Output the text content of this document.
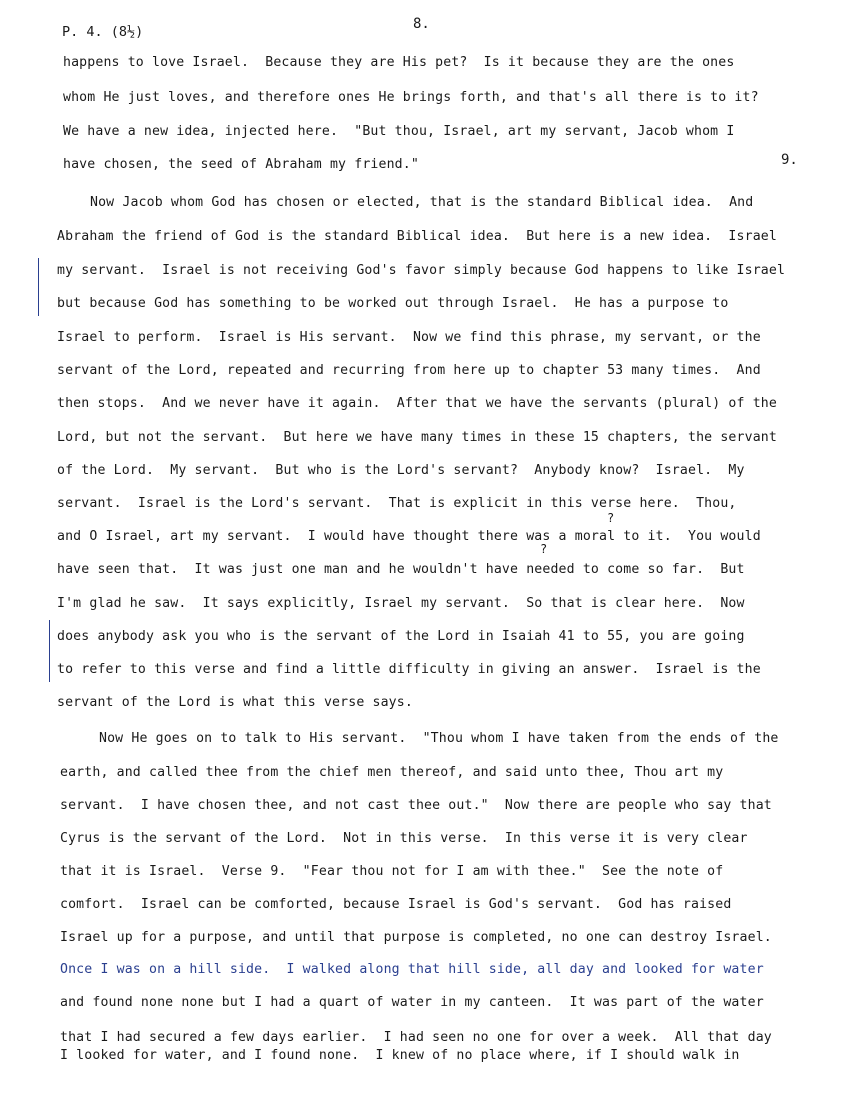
P. 4. (8½)	8.
9.
?
?
happens to love Israel.  Because they are His pet?  Is it because they are the ones
whom He just loves, and therefore ones He brings forth, and that's all there is to it?
We have a new idea, injected here.  "But thou, Israel, art my servant, Jacob whom I
have chosen, the seed of Abraham my friend."
Now Jacob whom God has chosen or elected, that is the standard Biblical idea.  And
Abraham the friend of God is the standard Biblical idea.  But here is a new idea.  Israel
my servant.  Israel is not receiving God's favor simply because God happens to like Israel
but because God has something to be worked out through Israel.  He has a purpose to
Israel to perform.  Israel is His servant.  Now we find this phrase, my servant, or the
servant of the Lord, repeated and recurring from here up to chapter 53 many times.  And
then stops.  And we never have it again.  After that we have the servants (plural) of the
Lord, but not the servant.  But here we have many times in these 15 chapters, the servant
of the Lord.  My servant.  But who is the Lord's servant?  Anybody know?  Israel.  My
servant.  Israel is the Lord's servant.  That is explicit in this verse here.  Thou,
and O Israel, art my servant.  I would have thought there was a moral to it.  You would
have seen that.  It was just one man and he wouldn't have needed to come so far.  But
I'm glad he saw.  It says explicitly, Israel my servant.  So that is clear here.  Now
does anybody ask you who is the servant of the Lord in Isaiah 41 to 55, you are going
to refer to this verse and find a little difficulty in giving an answer.  Israel is the
servant of the Lord is what this verse says.
Now He goes on to talk to His servant.  "Thou whom I have taken from the ends of the
earth, and called thee from the chief men thereof, and said unto thee, Thou art my
servant.  I have chosen thee, and not cast thee out."  Now there are people who say that
Cyrus is the servant of the Lord.  Not in this verse.  In this verse it is very clear
that it is Israel.  Verse 9.  "Fear thou not for I am with thee."  See the note of
comfort.  Israel can be comforted, because Israel is God's servant.  God has raised
Israel up for a purpose, and until that purpose is completed, no one can destroy Israel.
Once I was on a hill side.  I walked along that hill side, all day and looked for water
and found none none but I had a quart of water in my canteen.  It was part of the water
that I had secured a few days earlier.  I had seen no one for over a week.  All that day
I looked for water, and I found none.  I knew of no place where, if I should walk in
